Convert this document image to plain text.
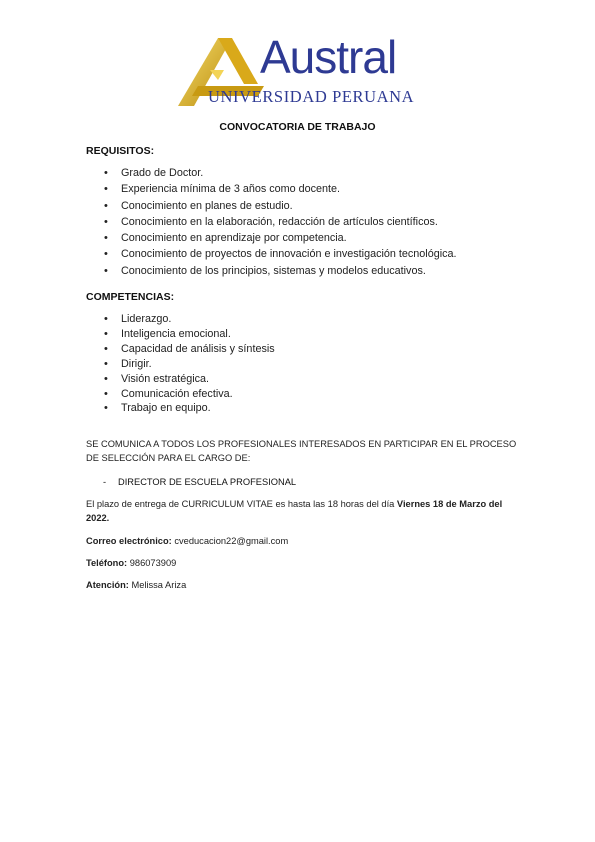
Austral
UNIVERSIDAD PERUANA
CONVOCATORIA DE TRABAJO
REQUISITOS:
• Grado de Doctor.
• Experiencia mínima de 3 años como docente.
• Conocimiento en planes de estudio.
• Conocimiento en la elaboración, redacción de artículos científicos.
• Conocimiento en aprendizaje por competencia.
• Conocimiento de proyectos de innovación e investigación tecnológica.
• Conocimiento de los principios, sistemas y modelos educativos.
COMPETENCIAS:
• Liderazgo.
• Inteligencia emocional.
• Capacidad de análisis y síntesis
• Dirigir.
• Visión estratégica.
• Comunicación efectiva.
• Trabajo en equipo.
SE COMUNICA A TODOS LOS PROFESIONALES INTERESADOS EN PARTICIPAR EN EL PROCESO DE SELECCIÓN PARA EL CARGO DE:
- DIRECTOR DE ESCUELA PROFESIONAL
El plazo de entrega de CURRICULUM VITAE es hasta las 18 horas del día Viernes 18 de Marzo del 2022.
Correo electrónico: cveducacion22@gmail.com
Teléfono: 986073909
Atención: Melissa Ariza
